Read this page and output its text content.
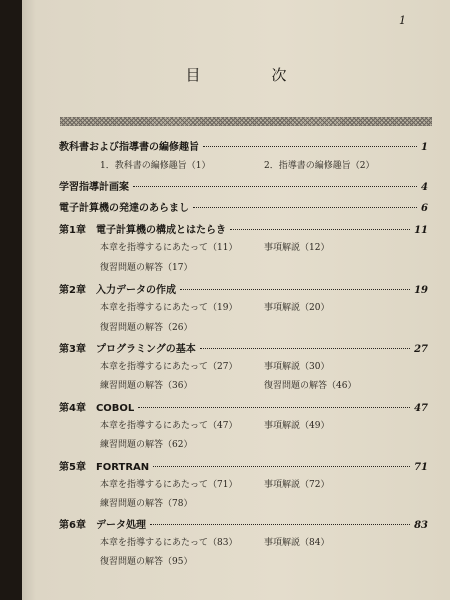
1
目　次
教科書および指導書の編修趣旨	1
1．教科書の編修趣旨（1）	2．指導書の編修趣旨（2）
学習指導計画案	4
電子計算機の発達のあらまし	6
第1章　電子計算機の構成とはたらき	11
本章を指導するにあたって（11）	事項解説（12）
復習問題の解答（17）
第2章　入力データの作成	19
本章を指導するにあたって（19）	事項解説（20）
復習問題の解答（26）
第3章　プログラミングの基本	27
本章を指導するにあたって（27）	事項解説（30）
練習問題の解答（36）	復習問題の解答（46）
第4章　COBOL	47
本章を指導するにあたって（47）	事項解説（49）
練習問題の解答（62）
第5章　FORTRAN	71
本章を指導するにあたって（71）	事項解説（72）
練習問題の解答（78）
第6章　データ処理	83
本章を指導するにあたって（83）	事項解説（84）
復習問題の解答（95）
